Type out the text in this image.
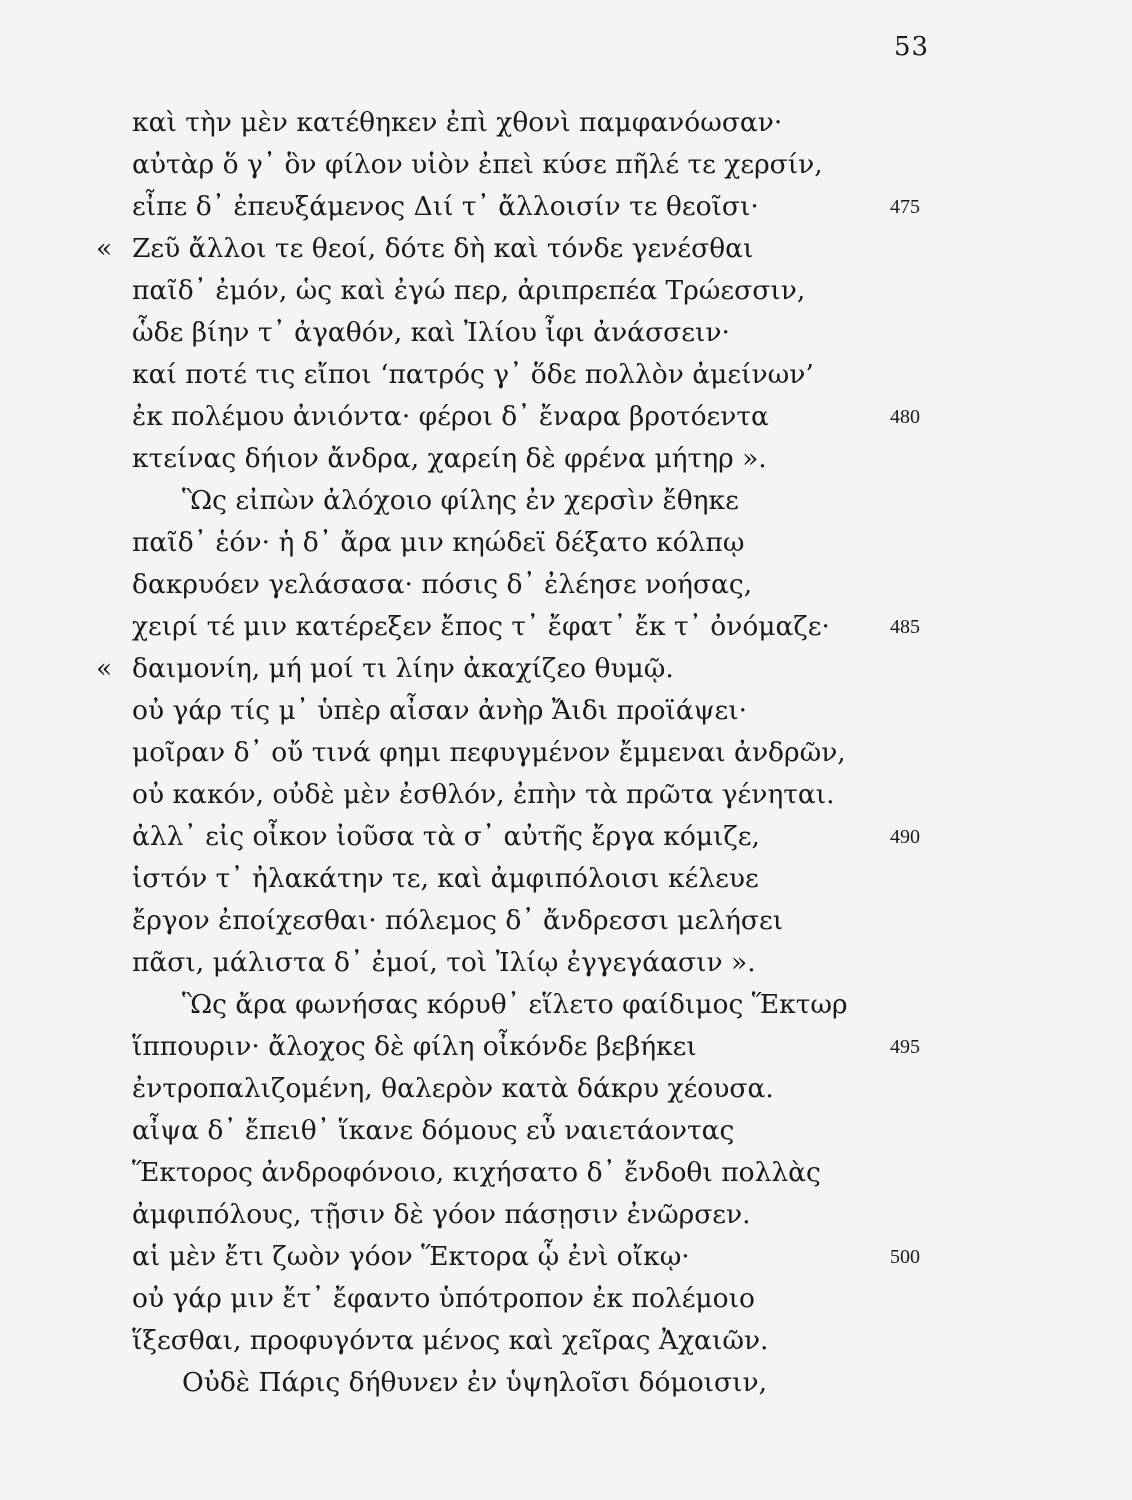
53
καὶ τὴν μὲν κατέθηκεν ἐπὶ χθονὶ παμφανόωσαν·
αὐτὰρ ὅ γ᾽ ὃν φίλον υἱὸν ἐπεὶ κύσε πῆλέ τε χερσίν,
εἶπε δ᾽ ἐπευξάμενος Διί τ᾽ ἄλλοισίν τε θεοῖσι·	475
« Ζεῦ ἄλλοι τε θεοί, δότε δὴ καὶ τόνδε γενέσθαι
παῖδ᾽ ἐμόν, ὡς καὶ ἐγώ περ, ἀριπρεπέα Τρώεσσιν,
ὧδε βίην τ᾽ ἀγαθόν, καὶ Ἰλίου ἶφι ἀνάσσειν·
καί ποτέ τις εἴποι ‘πατρός γ᾽ ὅδε πολλὸν ἀμείνων’
ἐκ πολέμου ἀνιόντα· φέροι δ᾽ ἔναρα βροτόεντα	480
κτείνας δήιον ἄνδρα, χαρείη δὲ φρένα μήτηρ ».
Ὣς εἰπὼν ἀλόχοιο φίλης ἐν χερσὶν ἔθηκε
παῖδ᾽ ἑόν· ἡ δ᾽ ἄρα μιν κηώδεϊ δέξατο κόλπῳ
δακρυόεν γελάσασα· πόσις δ᾽ ἐλέησε νοήσας,
χειρί τέ μιν κατέρεξεν ἔπος τ᾽ ἔφατ᾽ ἔκ τ᾽ ὀνόμαζε·	485
« δαιμονίη, μή μοί τι λίην ἀκαχίζεο θυμῷ.
οὐ γάρ τίς μ᾽ ὑπὲρ αἶσαν ἀνὴρ Ἄιδι προϊάψει·
μοῖραν δ᾽ οὔ τινά φημι πεφυγμένον ἔμμεναι ἀνδρῶν,
οὐ κακόν, οὐδὲ μὲν ἐσθλόν, ἐπὴν τὰ πρῶτα γένηται.
ἀλλ᾽ εἰς οἶκον ἰοῦσα τὰ σ᾽ αὐτῆς ἔργα κόμιζε,	490
ἱστόν τ᾽ ἠλακάτην τε, καὶ ἀμφιπόλοισι κέλευε
ἔργον ἐποίχεσθαι· πόλεμος δ᾽ ἄνδρεσσι μελήσει
πᾶσι, μάλιστα δ᾽ ἐμοί, τοὶ Ἰλίῳ ἐγγεγάασιν ».
Ὣς ἄρα φωνήσας κόρυθ᾽ εἵλετο φαίδιμος Ἕκτωρ
ἵππουριν· ἄλοχος δὲ φίλη οἶκόνδε βεβήκει	495
ἐντροπαλιζομένη, θαλερὸν κατὰ δάκρυ χέουσα.
αἶψα δ᾽ ἔπειθ᾽ ἵκανε δόμους εὖ ναιετάοντας
Ἕκτορος ἀνδροφόνοιο, κιχήσατο δ᾽ ἔνδοθι πολλὰς
ἀμφιπόλους, τῇσιν δὲ γόον πάσῃσιν ἐνῶρσεν.
αἱ μὲν ἔτι ζωὸν γόον Ἕκτορα ᾧ ἐνὶ οἴκῳ·	500
οὐ γάρ μιν ἔτ᾽ ἔφαντο ὑπότροπον ἐκ πολέμοιο
ἵξεσθαι, προφυγόντα μένος καὶ χεῖρας Ἀχαιῶν.
Οὐδὲ Πάρις δήθυνεν ἐν ὑψηλοῖσι δόμοισιν,
